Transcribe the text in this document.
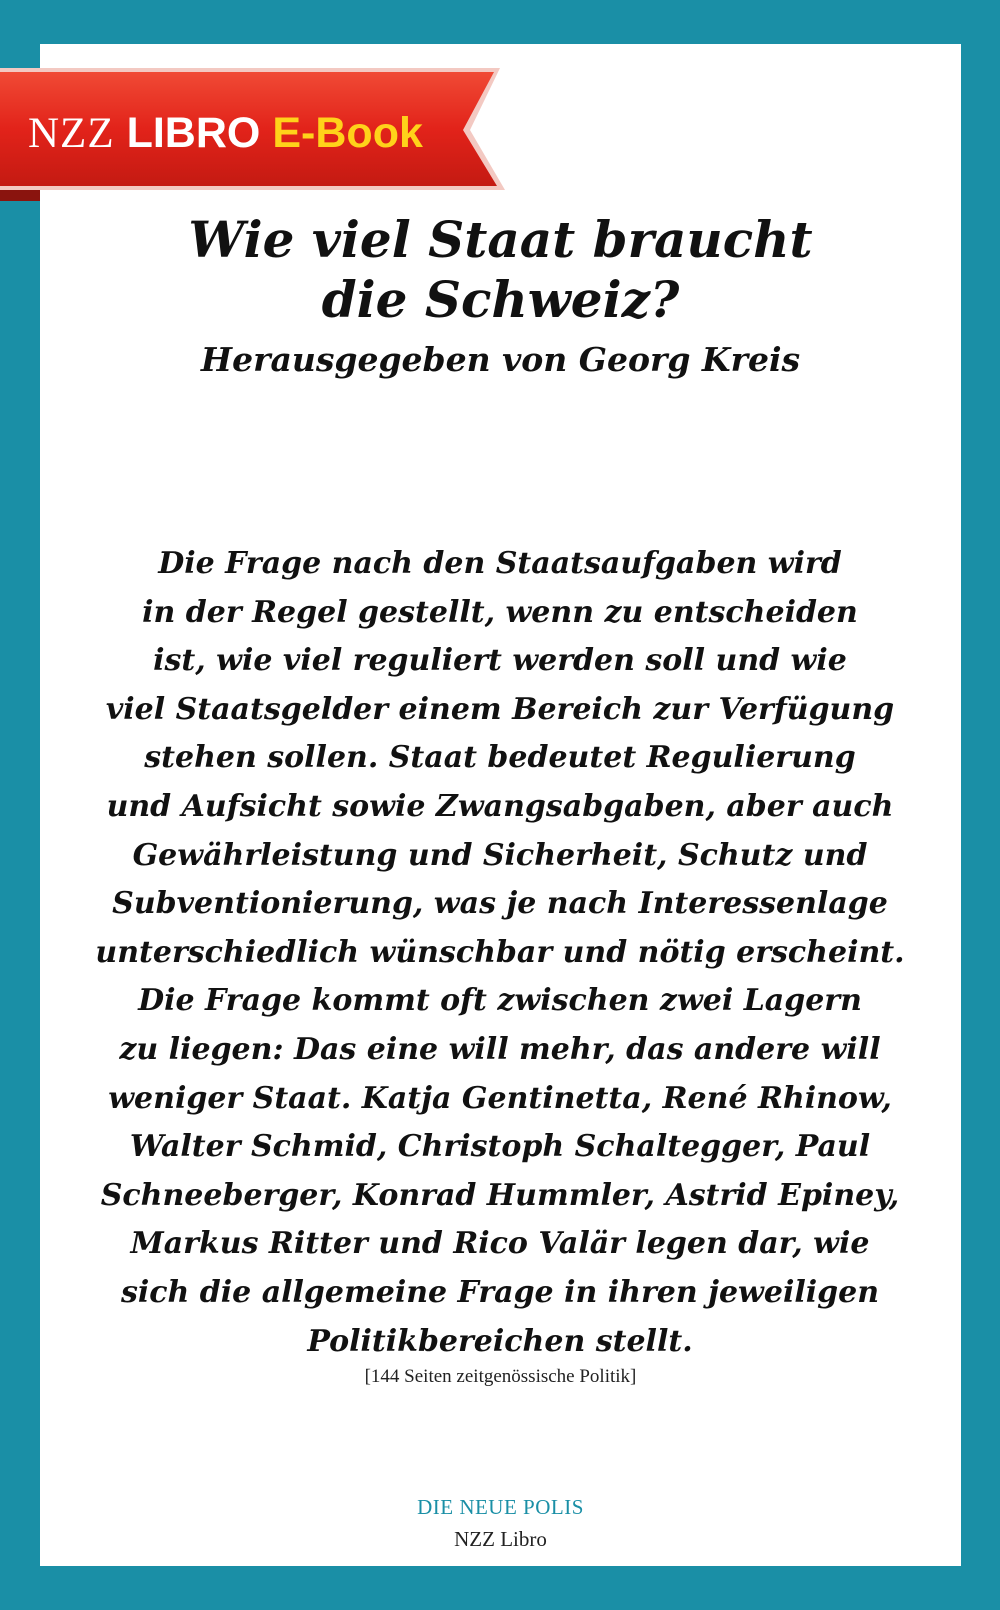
NZZ LIBRO E-Book
Wie viel Staat braucht
die Schweiz?
Herausgegeben von Georg Kreis
Die Frage nach den Staatsaufgaben wird
in der Regel gestellt, wenn zu entscheiden
ist, wie viel reguliert werden soll und wie
viel Staatsgelder einem Bereich zur Verfügung
stehen sollen. Staat bedeutet Regulierung
und Aufsicht sowie Zwangsabgaben, aber auch
Gewährleistung und Sicherheit, Schutz und
Subventionierung, was je nach Interessenlage
unterschiedlich wünschbar und nötig erscheint.
Die Frage kommt oft zwischen zwei Lagern
zu liegen: Das eine will mehr, das andere will
weniger Staat. Katja Gentinetta, René Rhinow,
Walter Schmid, Christoph Schaltegger, Paul
Schneeberger, Konrad Hummler, Astrid Epiney,
Markus Ritter und Rico Valär legen dar, wie
sich die allgemeine Frage in ihren jeweiligen
Politikbereichen stellt.
[144 Seiten zeitgenössische Politik]
DIE NEUE POLIS
NZZ Libro
